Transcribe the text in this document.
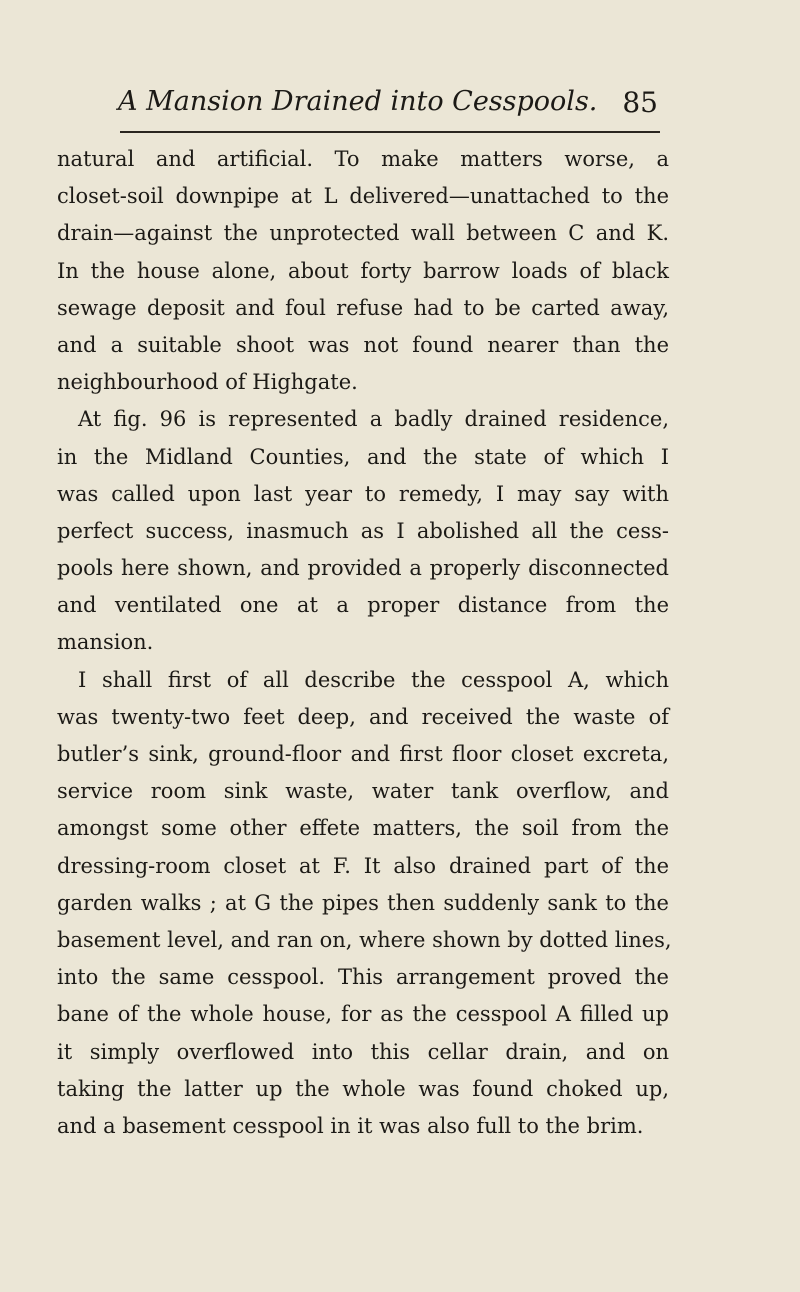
A Mansion Drained into Cesspools. 85
natural and artificial. To make matters worse, a
closet-soil downpipe at L delivered—unattached to the
drain—against the unprotected wall between C and K.
In the house alone, about forty barrow loads of black
sewage deposit and foul refuse had to be carted away,
and a suitable shoot was not found nearer than the
neighbourhood of Highgate.
At fig. 96 is represented a badly drained residence,
in the Midland Counties, and the state of which I
was called upon last year to remedy, I may say with
perfect success, inasmuch as I abolished all the cess-
pools here shown, and provided a properly disconnected
and ventilated one at a proper distance from the
mansion.
I shall first of all describe the cesspool A, which
was twenty-two feet deep, and received the waste of
butler’s sink, ground-floor and first floor closet excreta,
service room sink waste, water tank overflow, and
amongst some other effete matters, the soil from the
dressing-room closet at F. It also drained part of the
garden walks ; at G the pipes then suddenly sank to the
basement level, and ran on, where shown by dotted lines,
into the same cesspool. This arrangement proved the
bane of the whole house, for as the cesspool A filled up
it simply overflowed into this cellar drain, and on
taking the latter up the whole was found choked up,
and a basement cesspool in it was also full to the brim.
